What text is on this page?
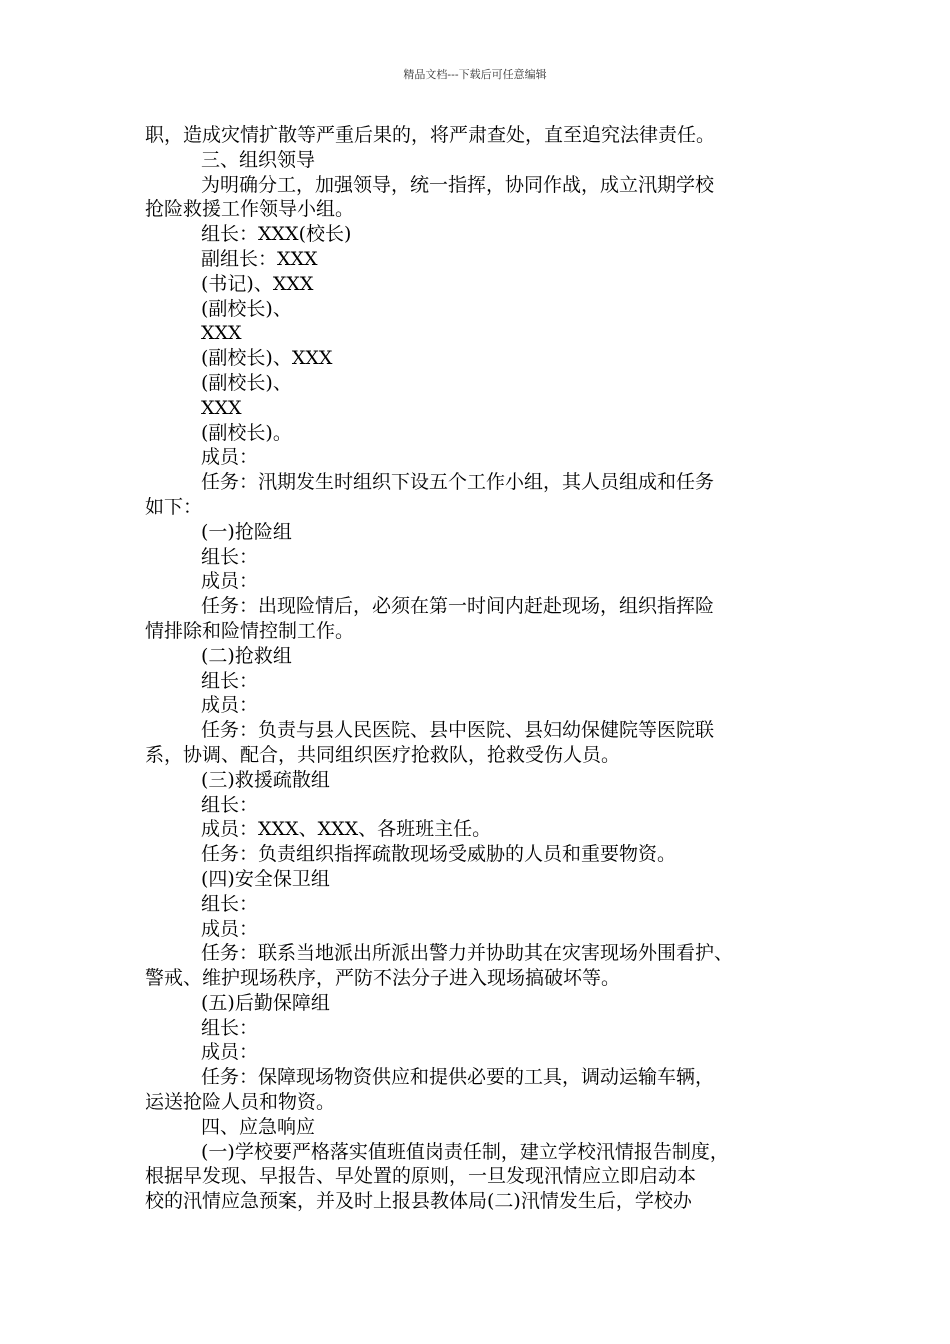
精品文档---下载后可任意编辑
职，造成灾情扩散等严重后果的，将严肃查处，直至追究法律责任。
三、组织领导
为明确分工，加强领导，统一指挥，协同作战，成立汛期学校
抢险救援工作领导小组。
组长：XXX(校长)
副组长：XXX
(书记)、XXX
(副校长)、
XXX
(副校长)、XXX
(副校长)、
XXX
(副校长)。
成员：
任务：汛期发生时组织下设五个工作小组，其人员组成和任务
如下：
(一)抢险组
组长：
成员：
任务：出现险情后，必须在第一时间内赶赴现场，组织指挥险
情排除和险情控制工作。
(二)抢救组
组长：
成员：
任务：负责与县人民医院、县中医院、县妇幼保健院等医院联
系，协调、配合，共同组织医疗抢救队，抢救受伤人员。
(三)救援疏散组
组长：
成员：XXX、XXX、各班班主任。
任务：负责组织指挥疏散现场受威胁的人员和重要物资。
(四)安全保卫组
组长：
成员：
任务：联系当地派出所派出警力并协助其在灾害现场外围看护、
警戒、维护现场秩序，严防不法分子进入现场搞破坏等。
(五)后勤保障组
组长：
成员：
任务：保障现场物资供应和提供必要的工具，调动运输车辆，
运送抢险人员和物资。
四、应急响应
(一)学校要严格落实值班值岗责任制，建立学校汛情报告制度，
根据早发现、早报告、早处置的原则，一旦发现汛情应立即启动本
校的汛情应急预案，并及时上报县教体局(二)汛情发生后，学校办
